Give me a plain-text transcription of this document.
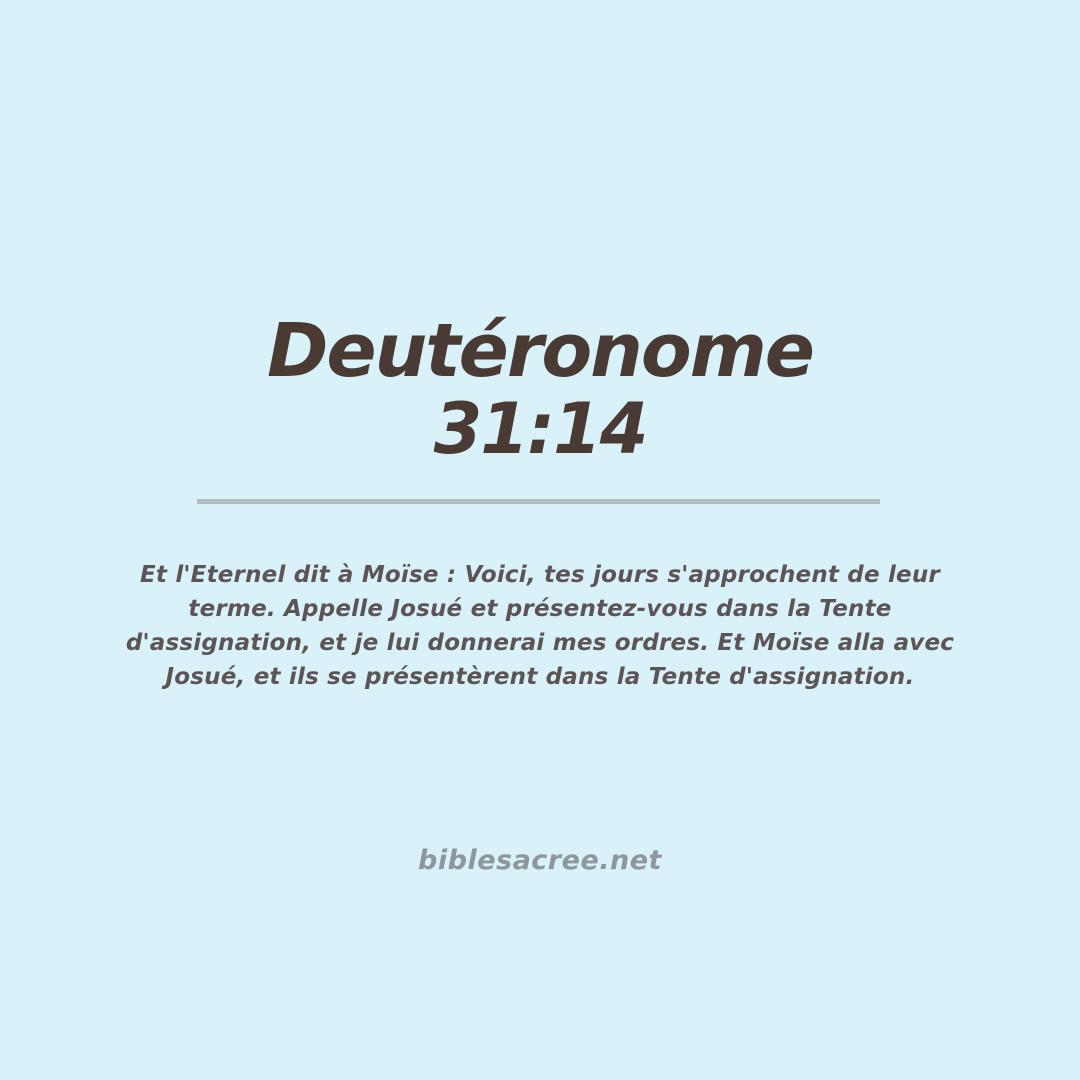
Deutéronome
31:14
Et l'Eternel dit à Moïse : Voici, tes jours s'approchent de leur
terme. Appelle Josué et présentez-vous dans la Tente
d'assignation, et je lui donnerai mes ordres. Et Moïse alla avec
Josué, et ils se présentèrent dans la Tente d'assignation.
biblesacree.net
